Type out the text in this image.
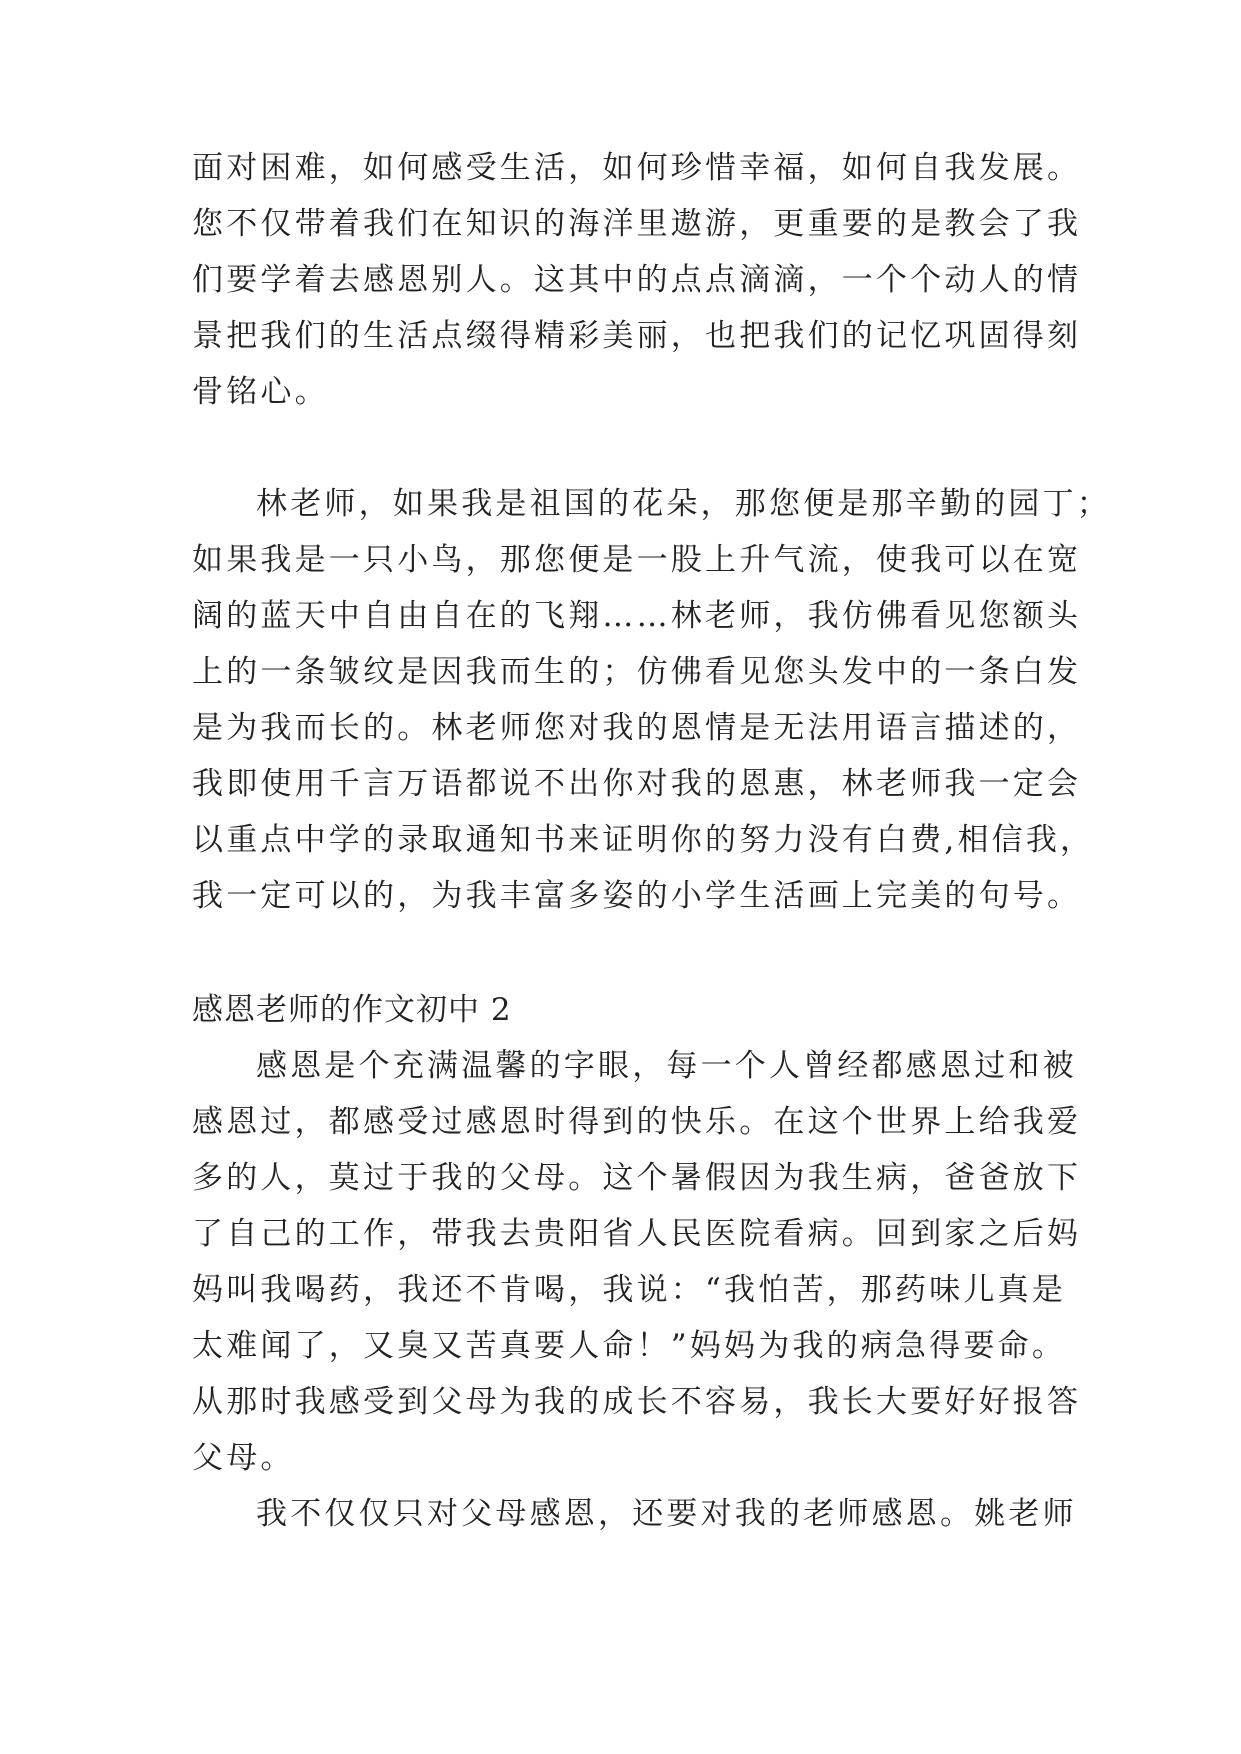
面对困难，如何感受生活，如何珍惜幸福，如何自我发展。
您不仅带着我们在知识的海洋里遨游，更重要的是教会了我
们要学着去感恩别人。这其中的点点滴滴，一个个动人的情
景把我们的生活点缀得精彩美丽，也把我们的记忆巩固得刻
骨铭心。
林老师，如果我是祖国的花朵，那您便是那辛勤的园丁；
如果我是一只小鸟，那您便是一股上升气流，使我可以在宽
阔的蓝天中自由自在的飞翔……林老师，我仿佛看见您额头
上的一条皱纹是因我而生的；仿佛看见您头发中的一条白发
是为我而长的。林老师您对我的恩情是无法用语言描述的，
我即使用千言万语都说不出你对我的恩惠，林老师我一定会
以重点中学的录取通知书来证明你的努力没有白费,相信我，
我一定可以的，为我丰富多姿的小学生活画上完美的句号。
感恩老师的作文初中 2
感恩是个充满温馨的字眼，每一个人曾经都感恩过和被
感恩过，都感受过感恩时得到的快乐。在这个世界上给我爱
多的人，莫过于我的父母。这个暑假因为我生病，爸爸放下
了自己的工作，带我去贵阳省人民医院看病。回到家之后妈
妈叫我喝药，我还不肯喝，我说：“我怕苦，那药味儿真是
太难闻了，又臭又苦真要人命！”妈妈为我的病急得要命。
从那时我感受到父母为我的成长不容易，我长大要好好报答
父母。
我不仅仅只对父母感恩，还要对我的老师感恩。姚老师
